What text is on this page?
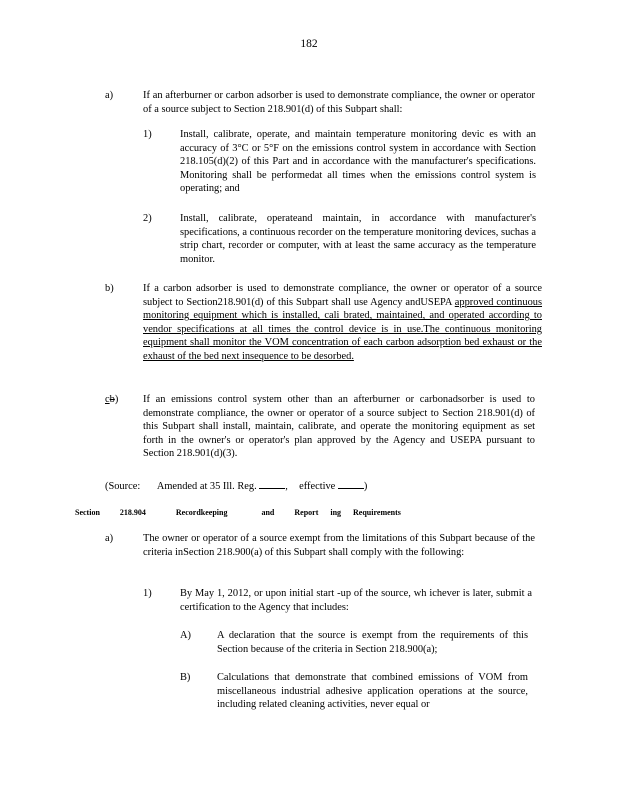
182
a)	If an afterburner or carbon adsorber is used to demonstrate compliance, the owner or operator of a source subject to Section 218.901(d) of this Subpart shall:
1)	Install, calibrate, operate, and maintain temperature monitoring devic es with an accuracy of 3°C or 5°F on the emissions control system in accordance with Section 218.105(d)(2) of this Part and in accordance with the manufacturer's specifications. Monitoring shall be performedat all times when the emissions control system is operating; and
2)	Install, calibrate, operateand maintain, in accordance with manufacturer's specifications, a continuous recorder on the temperature monitoring devices, suchas a strip chart, recorder or computer, with at least the same accuracy as the temperature monitor.
b)	If a carbon adsorber is used to demonstrate compliance, the owner or operator of a source subject to Section218.901(d) of this Subpart shall use Agency andUSEPA approved continuous monitoring equipment which is installed, cali brated, maintained, and operated according to vendor specifications at all times the control device is in use.The continuous monitoring equipment shall monitor the VOM concentration of each carbon adsorption bed exhaust or the exhaust of the bed next insequence to be desorbed.
cb) If an emissions control system other than an afterburner or carbonadsorber is used to demonstrate compliance, the owner or operator of a source subject to Section 218.901(d) of this Subpart shall install, maintain, calibrate, and operate the monitoring equipment as set forth in the owner's or operator's plan approved by the Agency and USEPA pursuant to Section 218.901(d)(3).
(Source: Amended at 35 Ill. Reg.	, effective	)
Section	218.904	Recordkeeping	and	Report ing Requirements
a)	The owner or operator of a source exempt from the limitations of this Subpart because of the criteria inSection 218.900(a) of this Subpart shall comply with the following:
1)	By May 1, 2012, or upon initial start -up of the source, wh ichever is later, submit a certification to the Agency that includes:
A)	A declaration that the source is exempt from the requirements of this Section because of the criteria in Section 218.900(a);
B)	Calculations that demonstrate that combined emissions of VOM from miscellaneous industrial adhesive application operations at the source, including related cleaning activities, never equal or
